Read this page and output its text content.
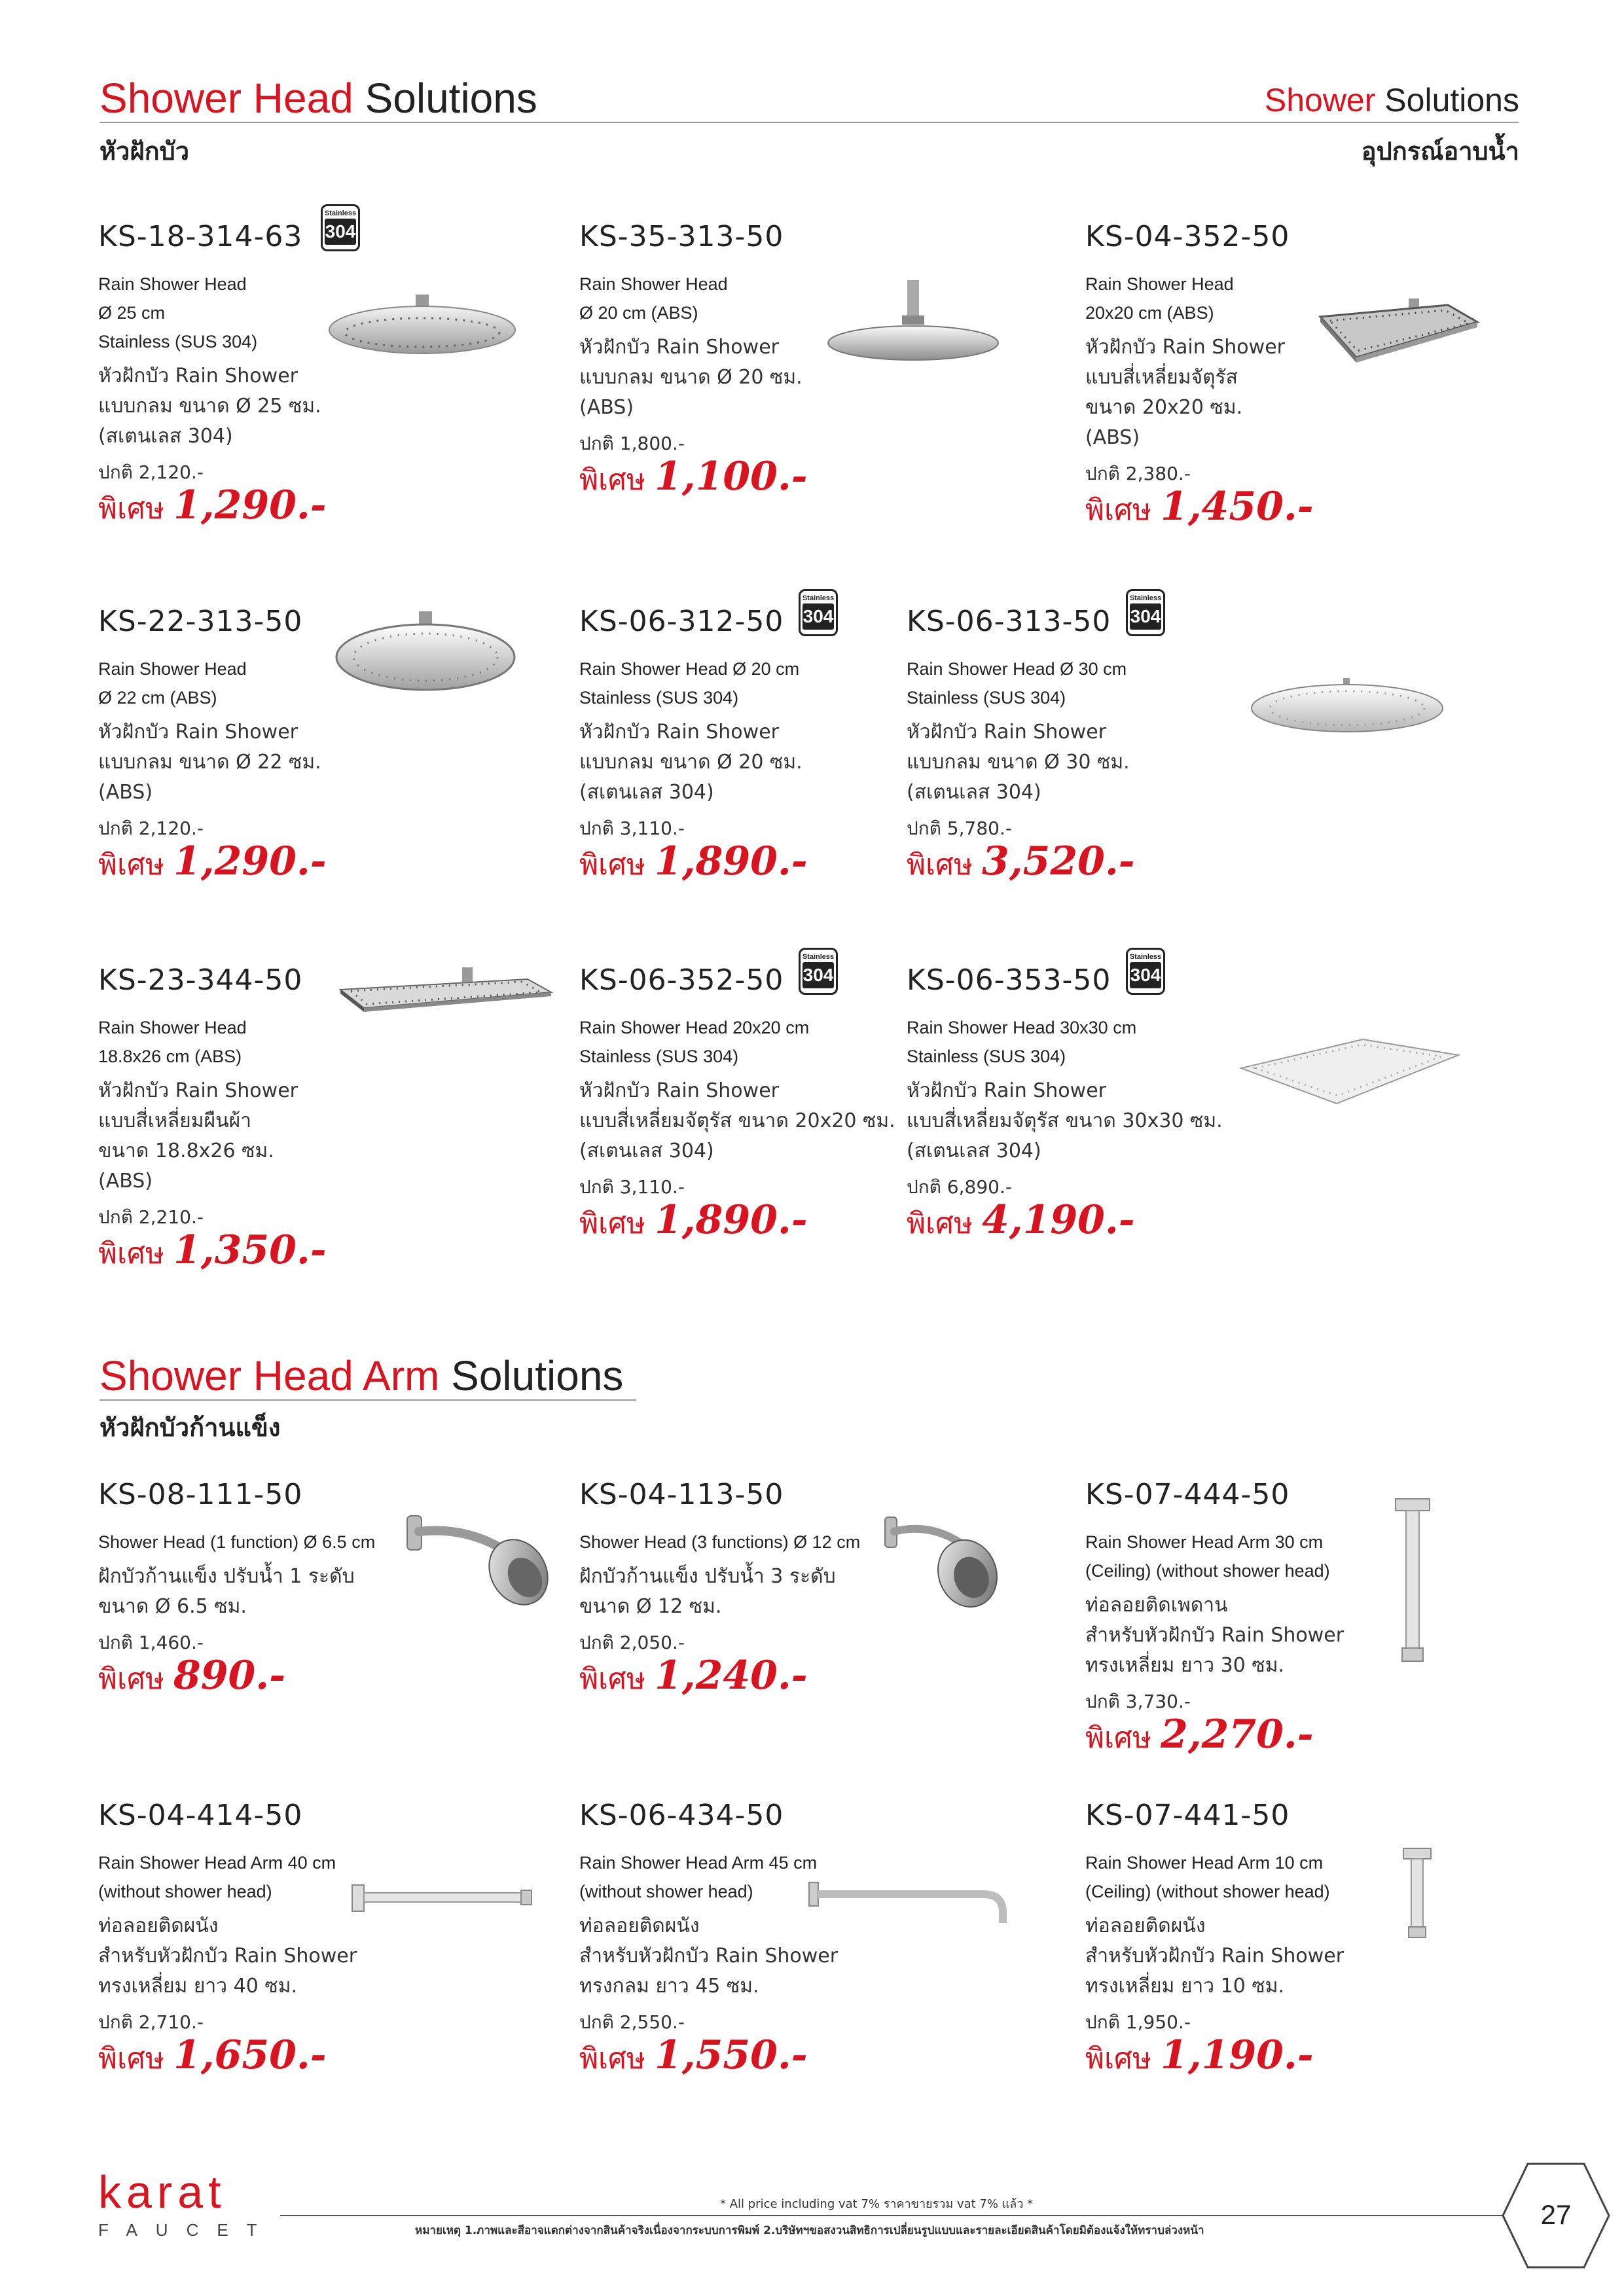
Shower Head Solutions	Shower Solutions
หัวฝักบัว	อุปกรณ์อาบน้ำ
Shower Head Arm Solutions
หัวฝักบัวก้านแข็ง
KS-18-314-63
Rain Shower Head
Ø 25 cm
Stainless (SUS 304)
หัวฝักบัว Rain Shower
แบบกลม ขนาด Ø 25 ซม.
(สเตนเลส 304)
ปกติ 2,120.-
พิเศษ 1,290.-
Stainless
304	KS-35-313-50
Rain Shower Head
Ø 20 cm (ABS)
หัวฝักบัว Rain Shower
แบบกลม ขนาด Ø 20 ซม.
(ABS)
ปกติ 1,800.-
พิเศษ 1,100.-
KS-04-352-50
Rain Shower Head
20x20 cm (ABS)
หัวฝักบัว Rain Shower
แบบสี่เหลี่ยมจัตุรัส
ขนาด 20x20 ซม.
(ABS)
ปกติ 2,380.-
พิเศษ 1,450.-
KS-22-313-50
Rain Shower Head
Ø 22 cm (ABS)
หัวฝักบัว Rain Shower
แบบกลม ขนาด Ø 22 ซม.
(ABS)
ปกติ 2,120.-
พิเศษ 1,290.-
KS-06-312-50
Rain Shower Head Ø 20 cm
Stainless (SUS 304)
หัวฝักบัว Rain Shower
แบบกลม ขนาด Ø 20 ซม.
(สเตนเลส 304)
ปกติ 3,110.-
พิเศษ 1,890.-
Stainless
304	KS-06-313-50
Rain Shower Head Ø 30 cm
Stainless (SUS 304)
หัวฝักบัว Rain Shower
แบบกลม ขนาด Ø 30 ซม.
(สเตนเลส 304)
ปกติ 5,780.-
พิเศษ 3,520.-
Stainless
304
KS-23-344-50
Rain Shower Head
18.8x26 cm (ABS)
หัวฝักบัว Rain Shower
แบบสี่เหลี่ยมผืนผ้า
ขนาด 18.8x26 ซม.
(ABS)
ปกติ 2,210.-
พิเศษ 1,350.-
KS-06-352-50
Rain Shower Head 20x20 cm
Stainless (SUS 304)
หัวฝักบัว Rain Shower
แบบสี่เหลี่ยมจัตุรัส ขนาด 20x20 ซม.
(สเตนเลส 304)
ปกติ 3,110.-
พิเศษ 1,890.-
Stainless
304	KS-06-353-50
Rain Shower Head 30x30 cm
Stainless (SUS 304)
หัวฝักบัว Rain Shower
แบบสี่เหลี่ยมจัตุรัส ขนาด 30x30 ซม.
(สเตนเลส 304)
ปกติ 6,890.-
พิเศษ 4,190.-
Stainless
304
KS-08-111-50
Shower Head (1 function) Ø 6.5 cm
ฝักบัวก้านแข็ง ปรับน้ำ 1 ระดับ
ขนาด Ø 6.5 ซม.
ปกติ 1,460.-
พิเศษ 890.-
KS-04-113-50
Shower Head (3 functions) Ø 12 cm
ฝักบัวก้านแข็ง ปรับน้ำ 3 ระดับ
ขนาด Ø 12 ซม.
ปกติ 2,050.-
พิเศษ 1,240.-
KS-07-444-50
Rain Shower Head Arm 30 cm
(Ceiling) (without shower head)
ท่อลอยติดเพดาน
สำหรับหัวฝักบัว Rain Shower
ทรงเหลี่ยม ยาว 30 ซม.
ปกติ 3,730.-
พิเศษ 2,270.-
KS-04-414-50
Rain Shower Head Arm 40 cm
(without shower head)
ท่อลอยติดผนัง
สำหรับหัวฝักบัว Rain Shower
ทรงเหลี่ยม ยาว 40 ซม.
ปกติ 2,710.-
พิเศษ 1,650.-
KS-06-434-50
Rain Shower Head Arm 45 cm
(without shower head)
ท่อลอยติดผนัง
สำหรับหัวฝักบัว Rain Shower
ทรงกลม ยาว 45 ซม.
ปกติ 2,550.-
พิเศษ 1,550.-
KS-07-441-50
Rain Shower Head Arm 10 cm
(Ceiling) (without shower head)
ท่อลอยติดผนัง
สำหรับหัวฝักบัว Rain Shower
ทรงเหลี่ยม ยาว 10 ซม.
ปกติ 1,950.-
พิเศษ 1,190.-
karat
FAUCET
* All price including vat 7% ราคาขายรวม vat 7% แล้ว *
หมายเหตุ 1.ภาพและสีอาจแตกต่างจากสินค้าจริงเนื่องจากระบบการพิมพ์ 2.บริษัทฯขอสงวนสิทธิการเปลี่ยนรูปแบบและรายละเอียดสินค้าโดยมิต้องแจ้งให้ทราบล่วงหน้า
27
